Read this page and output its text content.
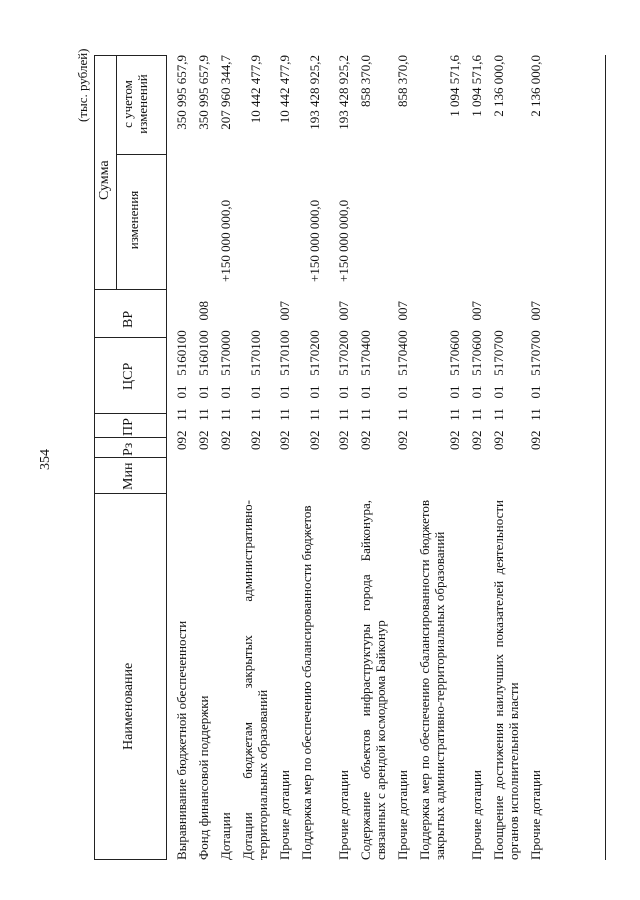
354
(тыс. рублей)
Наименование
Мин
Рз
ПР
ЦСР
ВР
Сумма
изменения
с учетом
изменений
Выравнивание бюджетной обеспеченности
092   11   01   5160100
350 995 657,9
Фонд финансовой поддержки
092   11   01   5160100   008
350 995 657,9
Дотации
092   11   01   5170000
+150 000 000,0
207 960 344,7
Дотации бюджетам закрытых административно-территориальных образований
092   11   01   5170100
10 442 477,9
Прочие дотации
092   11   01   5170100   007
10 442 477,9
Поддержка мер по обеспечению сбалансированности бюджетов
092   11   01   5170200
+150 000 000,0
193 428 925,2
Прочие дотации
092   11   01   5170200   007
+150 000 000,0
193 428 925,2
Содержание объектов инфраструктуры города Байконура, связанных с арендой космодрома Байконур
092   11   01   5170400
858 370,0
Прочие дотации
092   11   01   5170400   007
858 370,0
Поддержка мер по обеспечению сбалансированности бюджетов закрытых административно-территориальных образований
092   11   01   5170600
1 094 571,6
Прочие дотации
092   11   01   5170600   007
1 094 571,6
Поощрение достижения наилучших показателей деятельности органов исполнительной власти
092   11   01   5170700
2 136 000,0
Прочие дотации
092   11   01   5170700   007
2 136 000,0
